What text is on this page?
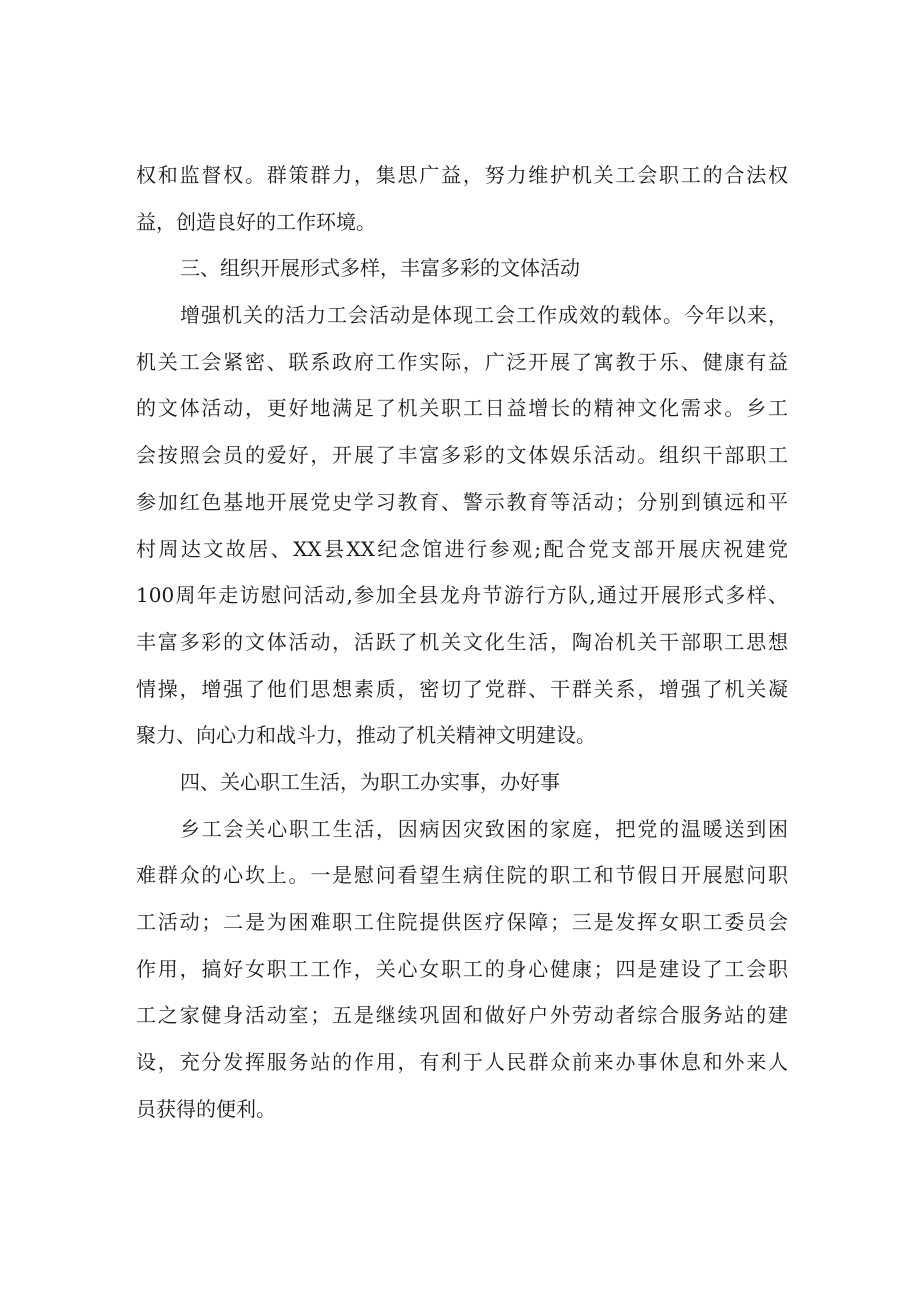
权和监督权。群策群力，集思广益，努力维护机关工会职工的合法权
益，创造良好的工作环境。
三、组织开展形式多样，丰富多彩的文体活动
增强机关的活力工会活动是体现工会工作成效的载体。今年以来，
机关工会紧密、联系政府工作实际，广泛开展了寓教于乐、健康有益
的文体活动，更好地满足了机关职工日益增长的精神文化需求。乡工
会按照会员的爱好，开展了丰富多彩的文体娱乐活动。组织干部职工
参加红色基地开展党史学习教育、警示教育等活动；分别到镇远和平
村周达文故居、XX县XX纪念馆进行参观;配合党支部开展庆祝建党
100周年走访慰问活动,参加全县龙舟节游行方队,通过开展形式多样、
丰富多彩的文体活动，活跃了机关文化生活，陶冶机关干部职工思想
情操，增强了他们思想素质，密切了党群、干群关系，增强了机关凝
聚力、向心力和战斗力，推动了机关精神文明建设。
四、关心职工生活，为职工办实事，办好事
乡工会关心职工生活，因病因灾致困的家庭，把党的温暖送到困
难群众的心坎上。一是慰问看望生病住院的职工和节假日开展慰问职
工活动；二是为困难职工住院提供医疗保障；三是发挥女职工委员会
作用，搞好女职工工作，关心女职工的身心健康；四是建设了工会职
工之家健身活动室；五是继续巩固和做好户外劳动者综合服务站的建
设，充分发挥服务站的作用，有利于人民群众前来办事休息和外来人
员获得的便利。
